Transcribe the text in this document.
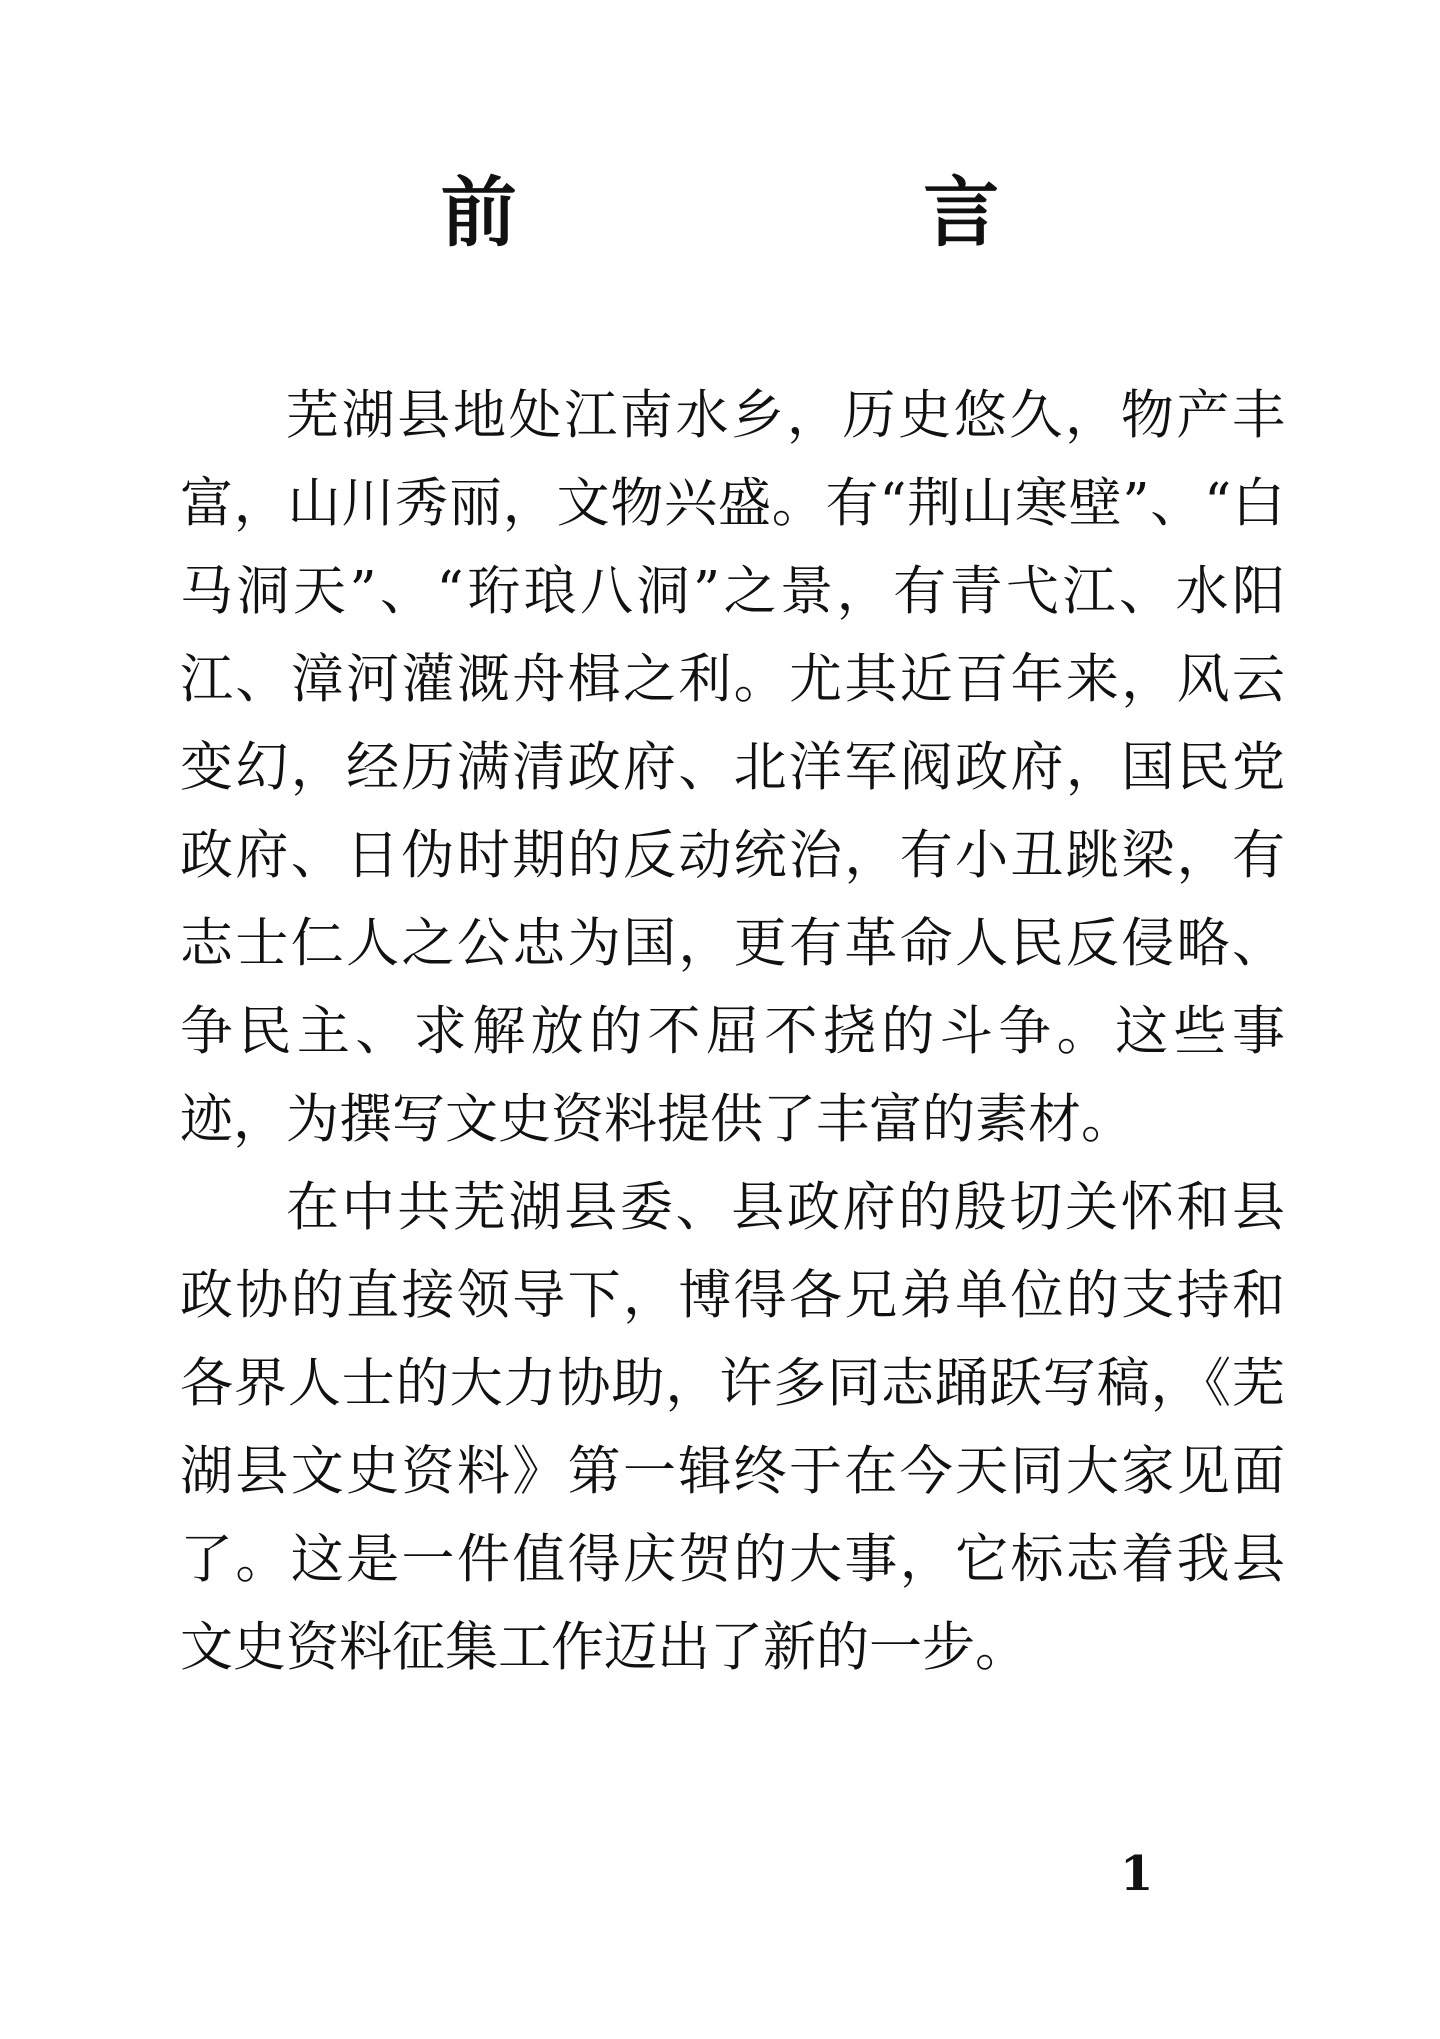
前 言

芜湖县地处江南水乡，历史悠久，物产丰富，山川秀丽，文物兴盛。有“荆山寒壁”、“白马洞天”、“珩琅八洞”之景，有青弋江、水阳江、漳河灌溉舟楫之利。尤其近百年来，风云变幻，经历满清政府、北洋军阀政府，国民党政府、日伪时期的反动统治，有小丑跳梁，有志士仁人之公忠为国，更有革命人民反侵略、争民主、求解放的不屈不挠的斗争。这些事迹，为撰写文史资料提供了丰富的素材。

在中共芜湖县委、县政府的殷切关怀和县政协的直接领导下，博得各兄弟单位的支持和各界人士的大力协助，许多同志踊跃写稿，《芜湖县文史资料》第一辑终于在今天同大家见面了。这是一件值得庆贺的大事，它标志着我县文史资料征集工作迈出了新的一步。

1
